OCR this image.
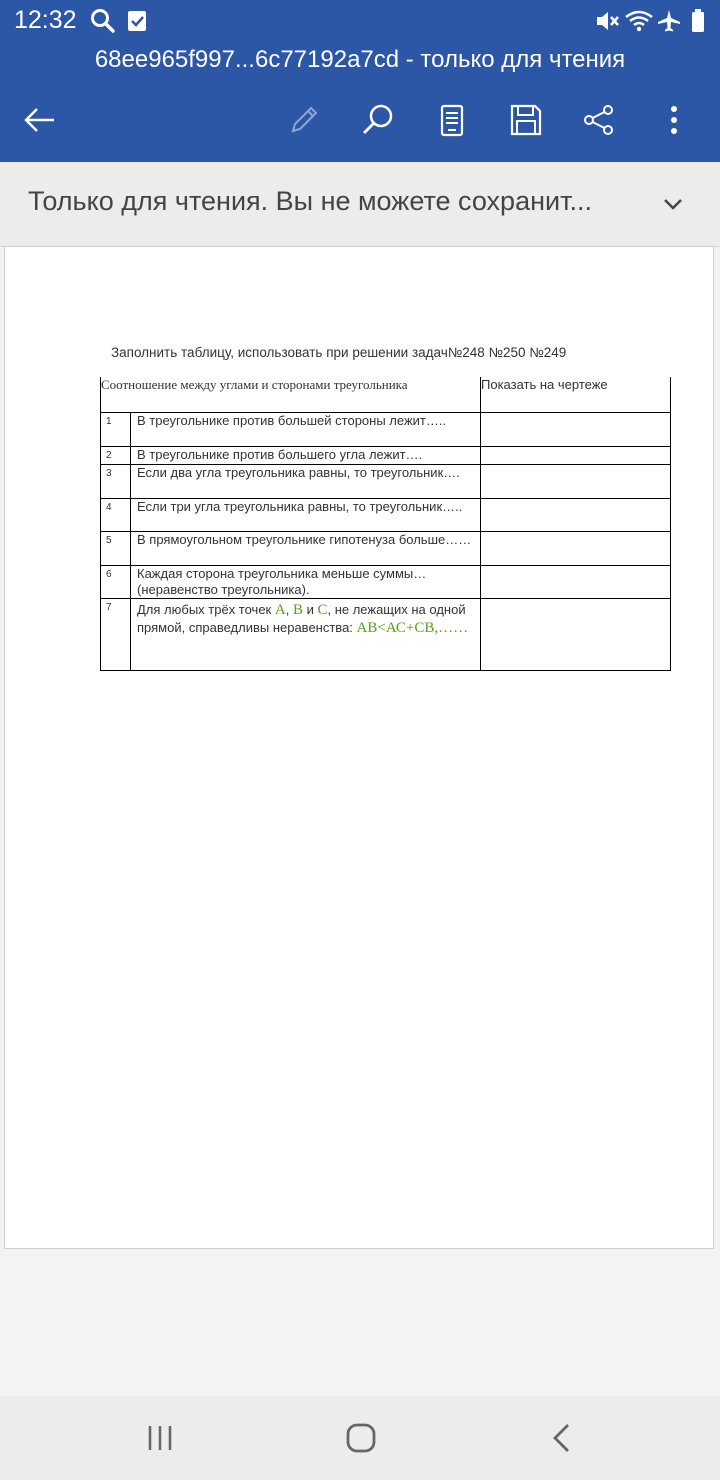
12:32
68ee965f997...6c77192a7cd - только для чтения
Только для чтения. Вы не можете сохранит...
Заполнить таблицу, использовать при решении задач№248 №250 №249
Соотношение между углами и сторонами треугольника		Показать на чертеже
1	В треугольнике против большей стороны лежит…..	
2	В треугольнике против большего угла лежит….	
3	Если два угла треугольника равны, то треугольник….	
4	Если три угла треугольника равны, то треугольник…..	
5	В прямоугольном треугольнике гипотенуза больше……	
6	Каждая сторона треугольника меньше суммы…(неравенство треугольника).	
7	Для любых трёх точек А, В и С, не лежащих на одной прямой, справедливы неравенства: АВ<АС+СВ,……	
